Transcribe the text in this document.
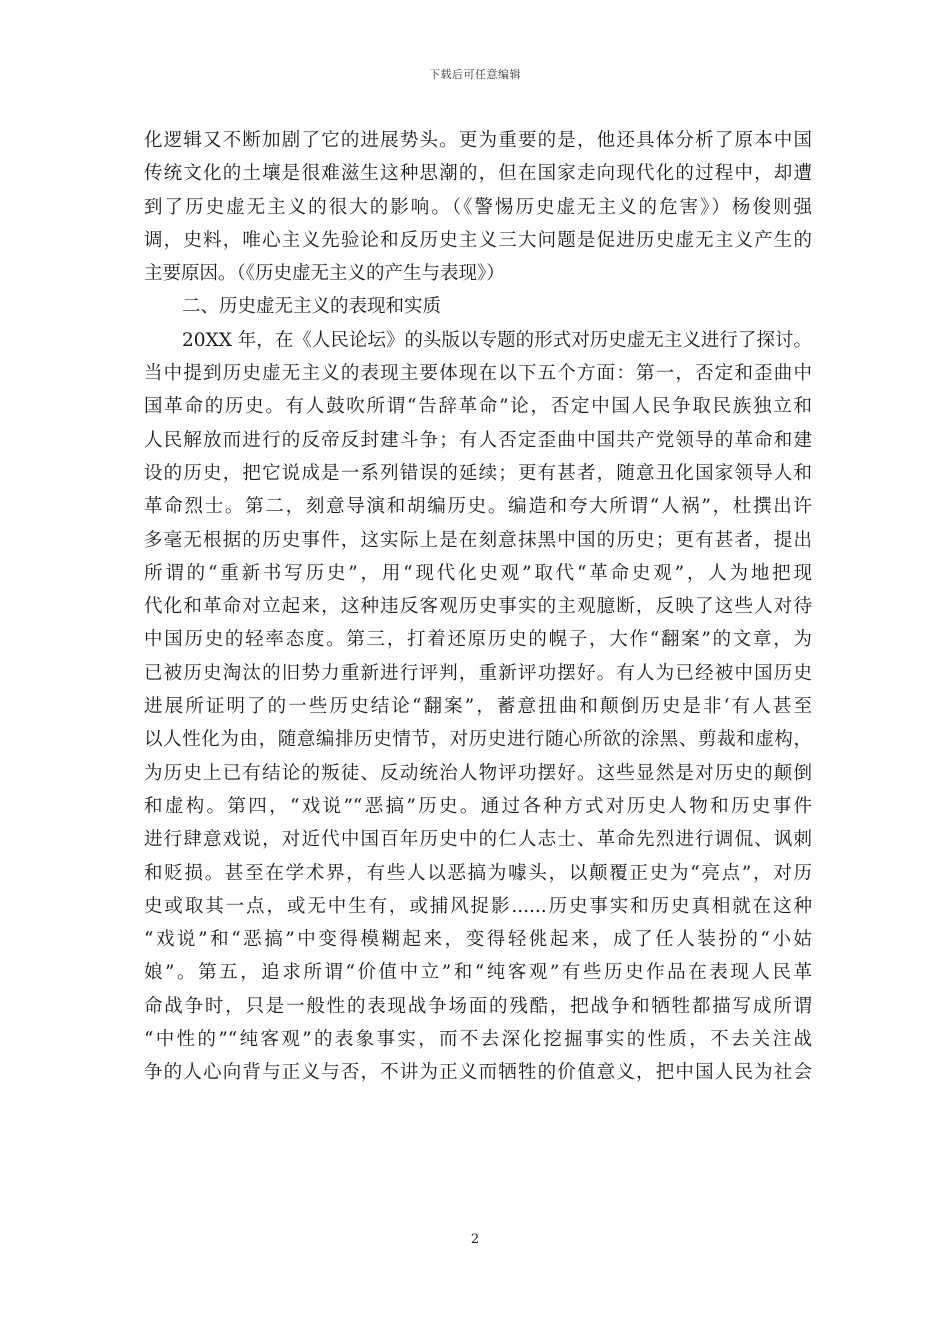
下载后可任意编辑
化逻辑又不断加剧了它的进展势头。更为重要的是，他还具体分析了原本中国
传统文化的土壤是很难滋生这种思潮的，但在国家走向现代化的过程中，却遭
到了历史虚无主义的很大的影响。（《警惕历史虚无主义的危害》）杨俊则强
调，史料，唯心主义先验论和反历史主义三大问题是促进历史虚无主义产生的
主要原因。（《历史虚无主义的产生与表现》）
二、历史虚无主义的表现和实质
20XX 年，在《人民论坛》的头版以专题的形式对历史虚无主义进行了探讨。
当中提到历史虚无主义的表现主要体现在以下五个方面：第一，否定和歪曲中
国革命的历史。有人鼓吹所谓“告辞革命”论，否定中国人民争取民族独立和
人民解放而进行的反帝反封建斗争；有人否定歪曲中国共产党领导的革命和建
设的历史，把它说成是一系列错误的延续；更有甚者，随意丑化国家领导人和
革命烈士。第二，刻意导演和胡编历史。编造和夸大所谓“人祸”，杜撰出许
多毫无根据的历史事件，这实际上是在刻意抹黑中国的历史；更有甚者，提出
所谓的“重新书写历史”，用“现代化史观”取代“革命史观”，人为地把现
代化和革命对立起来，这种违反客观历史事实的主观臆断，反映了这些人对待
中国历史的轻率态度。第三，打着还原历史的幌子，大作“翻案”的文章，为
已被历史淘汰的旧势力重新进行评判，重新评功摆好。有人为已经被中国历史
进展所证明了的一些历史结论“翻案”，蓄意扭曲和颠倒历史是非‘有人甚至
以人性化为由，随意编排历史情节，对历史进行随心所欲的涂黑、剪裁和虚构，
为历史上已有结论的叛徒、反动统治人物评功摆好。这些显然是对历史的颠倒
和虚构。第四，“戏说”“恶搞”历史。通过各种方式对历史人物和历史事件
进行肆意戏说，对近代中国百年历史中的仁人志士、革命先烈进行调侃、讽刺
和贬损。甚至在学术界，有些人以恶搞为噱头，以颠覆正史为“亮点”，对历
史或取其一点，或无中生有，或捕风捉影......历史事实和历史真相就在这种
“戏说”和“恶搞”中变得模糊起来，变得轻佻起来，成了任人装扮的“小姑
娘”。第五，追求所谓“价值中立”和“纯客观”有些历史作品在表现人民革
命战争时，只是一般性的表现战争场面的残酷，把战争和牺牲都描写成所谓
“中性的”“纯客观”的表象事实，而不去深化挖掘事实的性质，不去关注战
争的人心向背与正义与否，不讲为正义而牺牲的价值意义，把中国人民为社会
2
